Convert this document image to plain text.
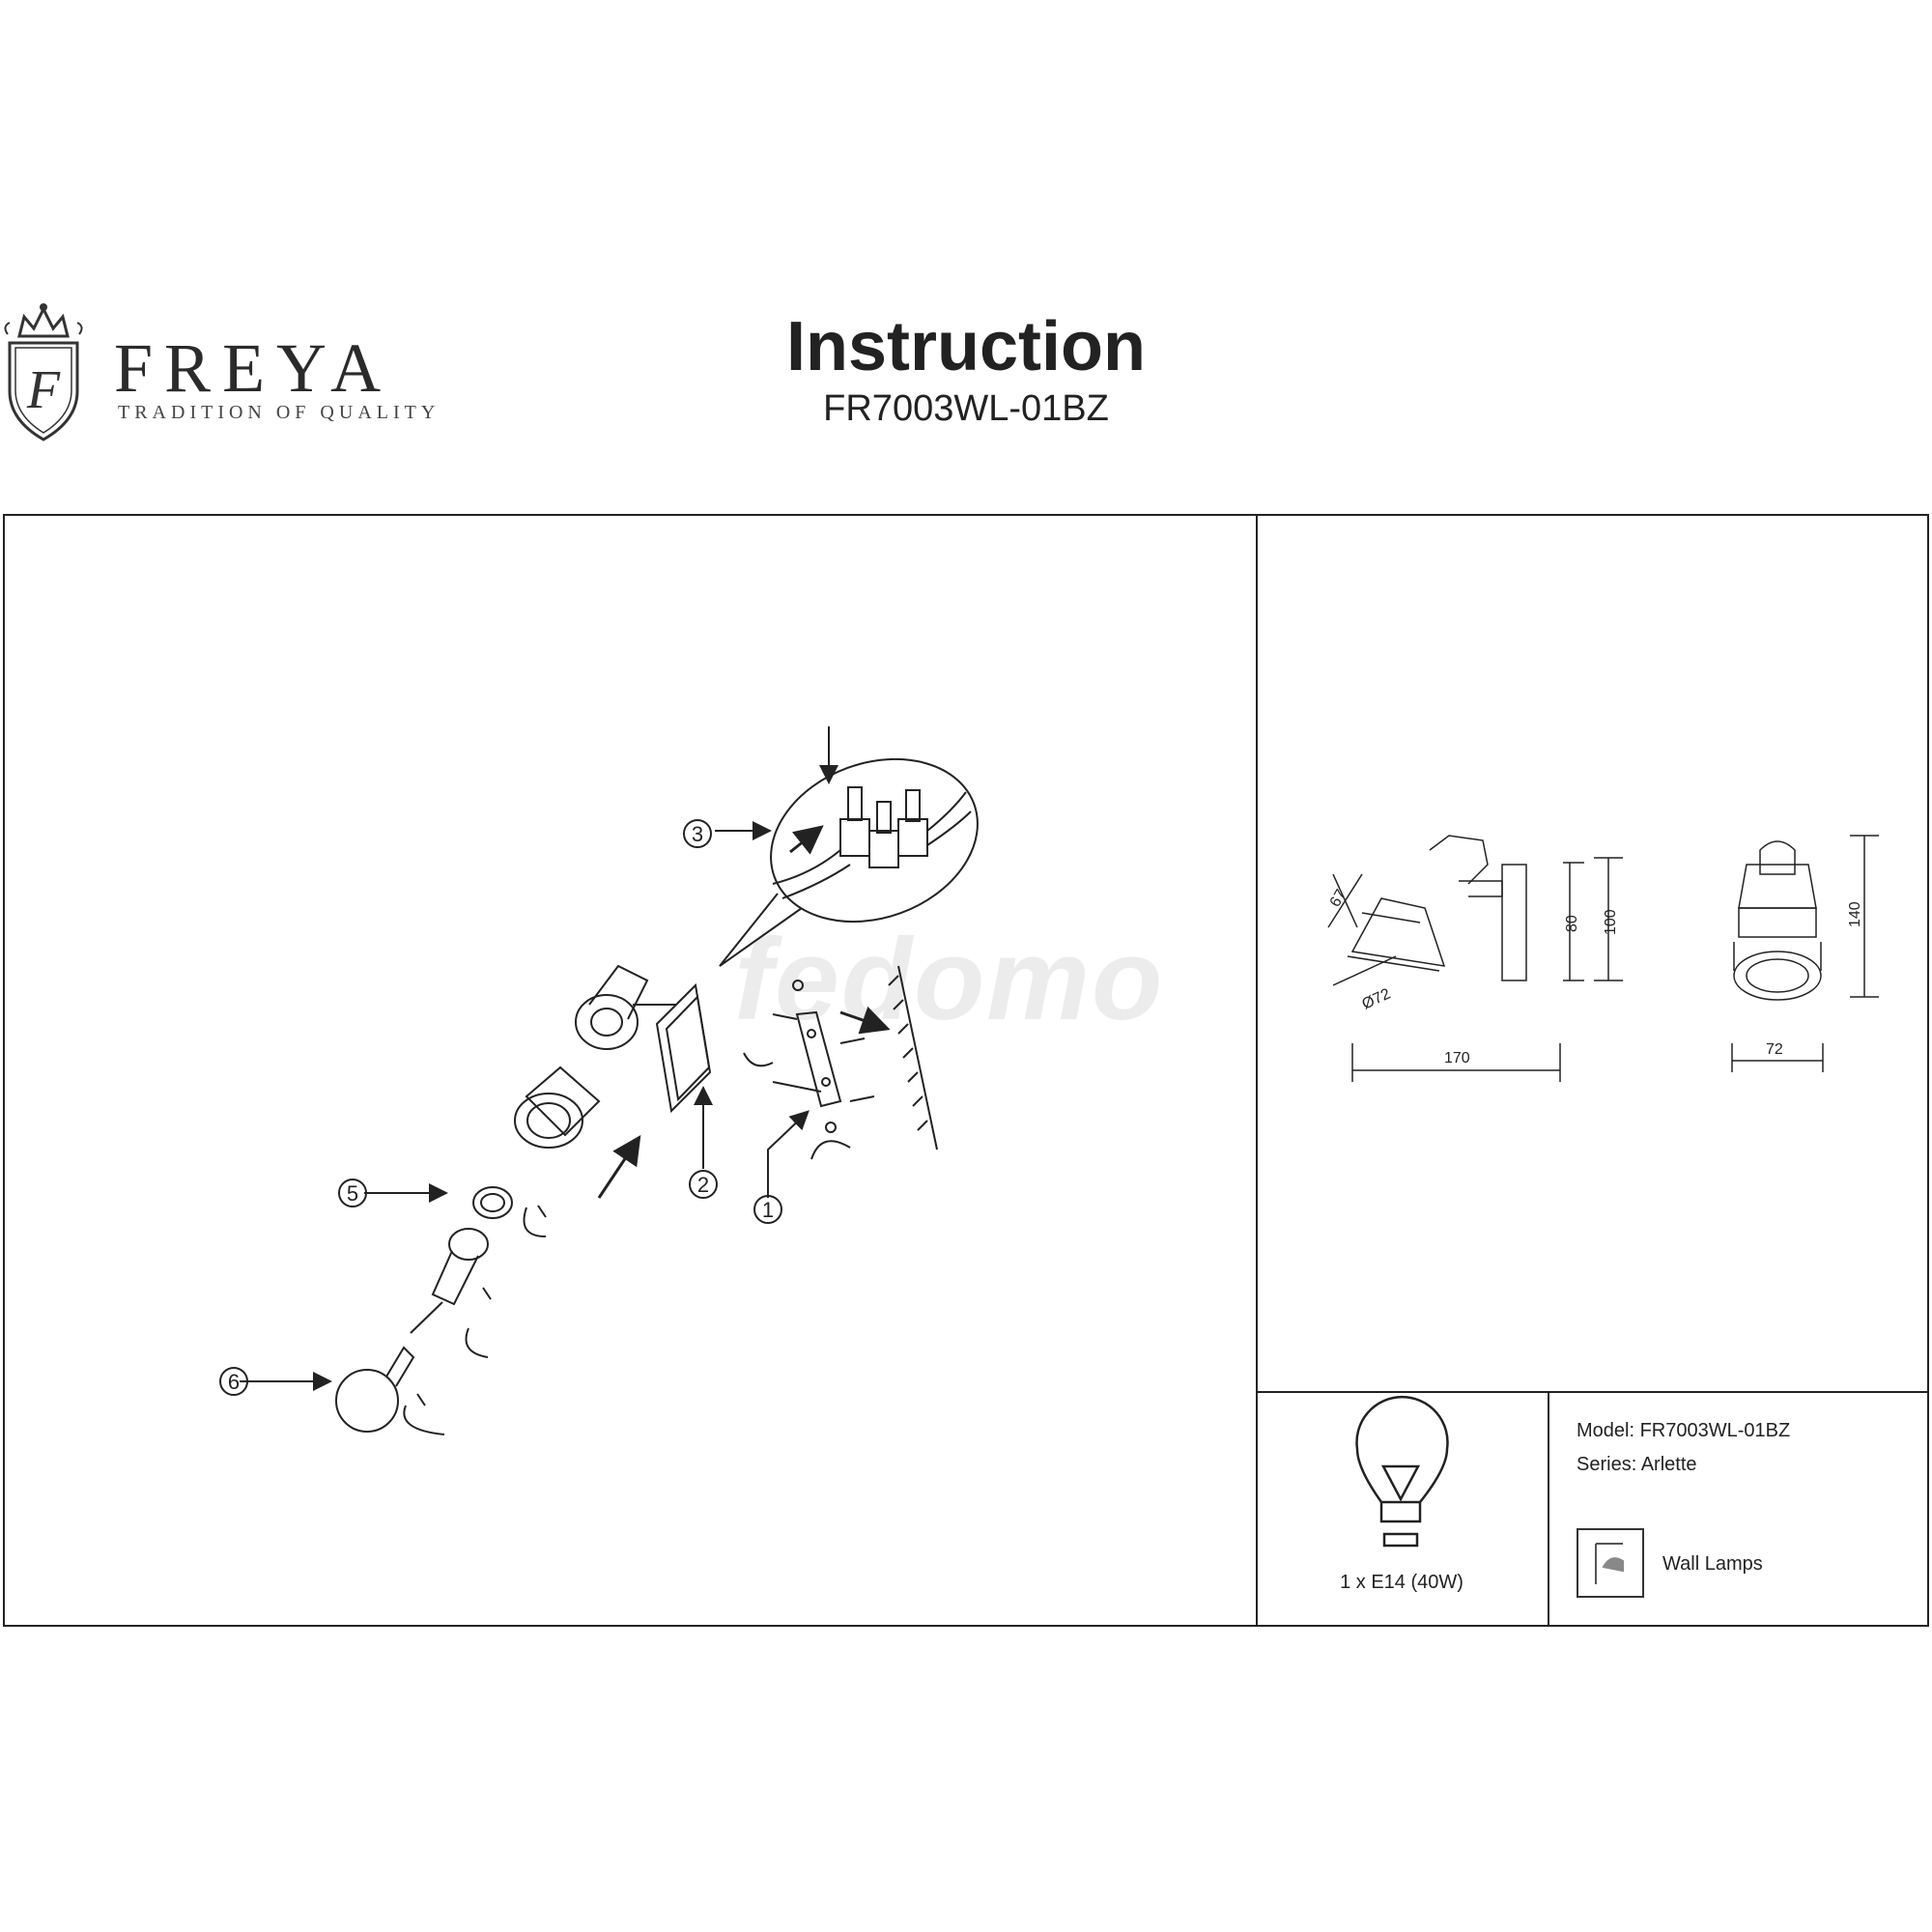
F FREYA
TRADITION OF QUALITY
Instruction
FR7003WL-01BZ
fedomo
5
6
3
2
1
67
Ø72
80 100
170
140
72
1 x E14 (40W)
Model: FR7003WL-01BZ
Series: Arlette
Wall Lamps
